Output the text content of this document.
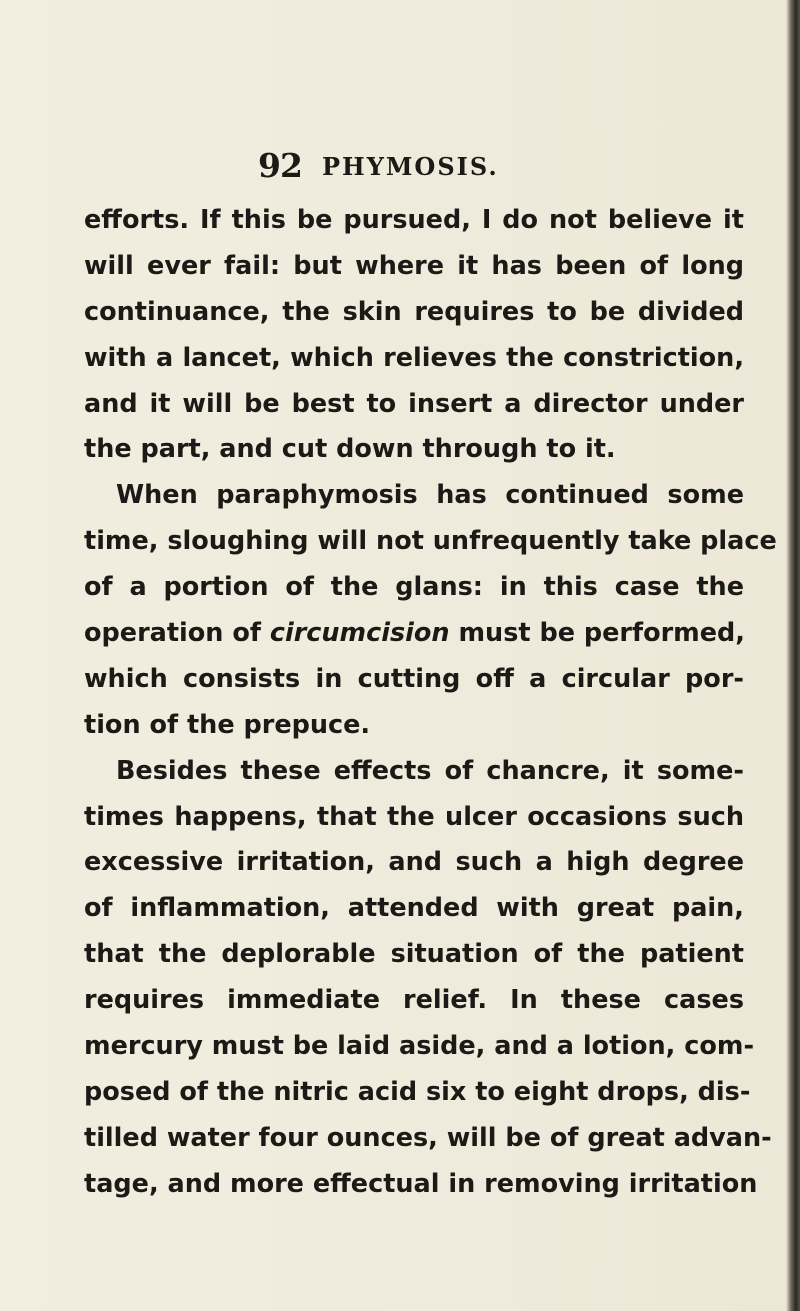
92 PHYMOSIS.
efforts. If this be pursued, I do not believe it
will ever fail: but where it has been of long
continuance, the skin requires to be divided
with a lancet, which relieves the constriction,
and it will be best to insert a director under
the part, and cut down through to it.
When paraphymosis has continued some
time, sloughing will not unfrequently take place
of a portion of the glans: in this case the
operation of circumcision must be performed,
which consists in cutting off a circular por-
tion of the prepuce.
Besides these effects of chancre, it some-
times happens, that the ulcer occasions such
excessive irritation, and such a high degree
of inflammation, attended with great pain,
that the deplorable situation of the patient
requires immediate relief. In these cases
mercury must be laid aside, and a lotion, com-
posed of the nitric acid six to eight drops, dis-
tilled water four ounces, will be of great advan-
tage, and more effectual in removing irritation
